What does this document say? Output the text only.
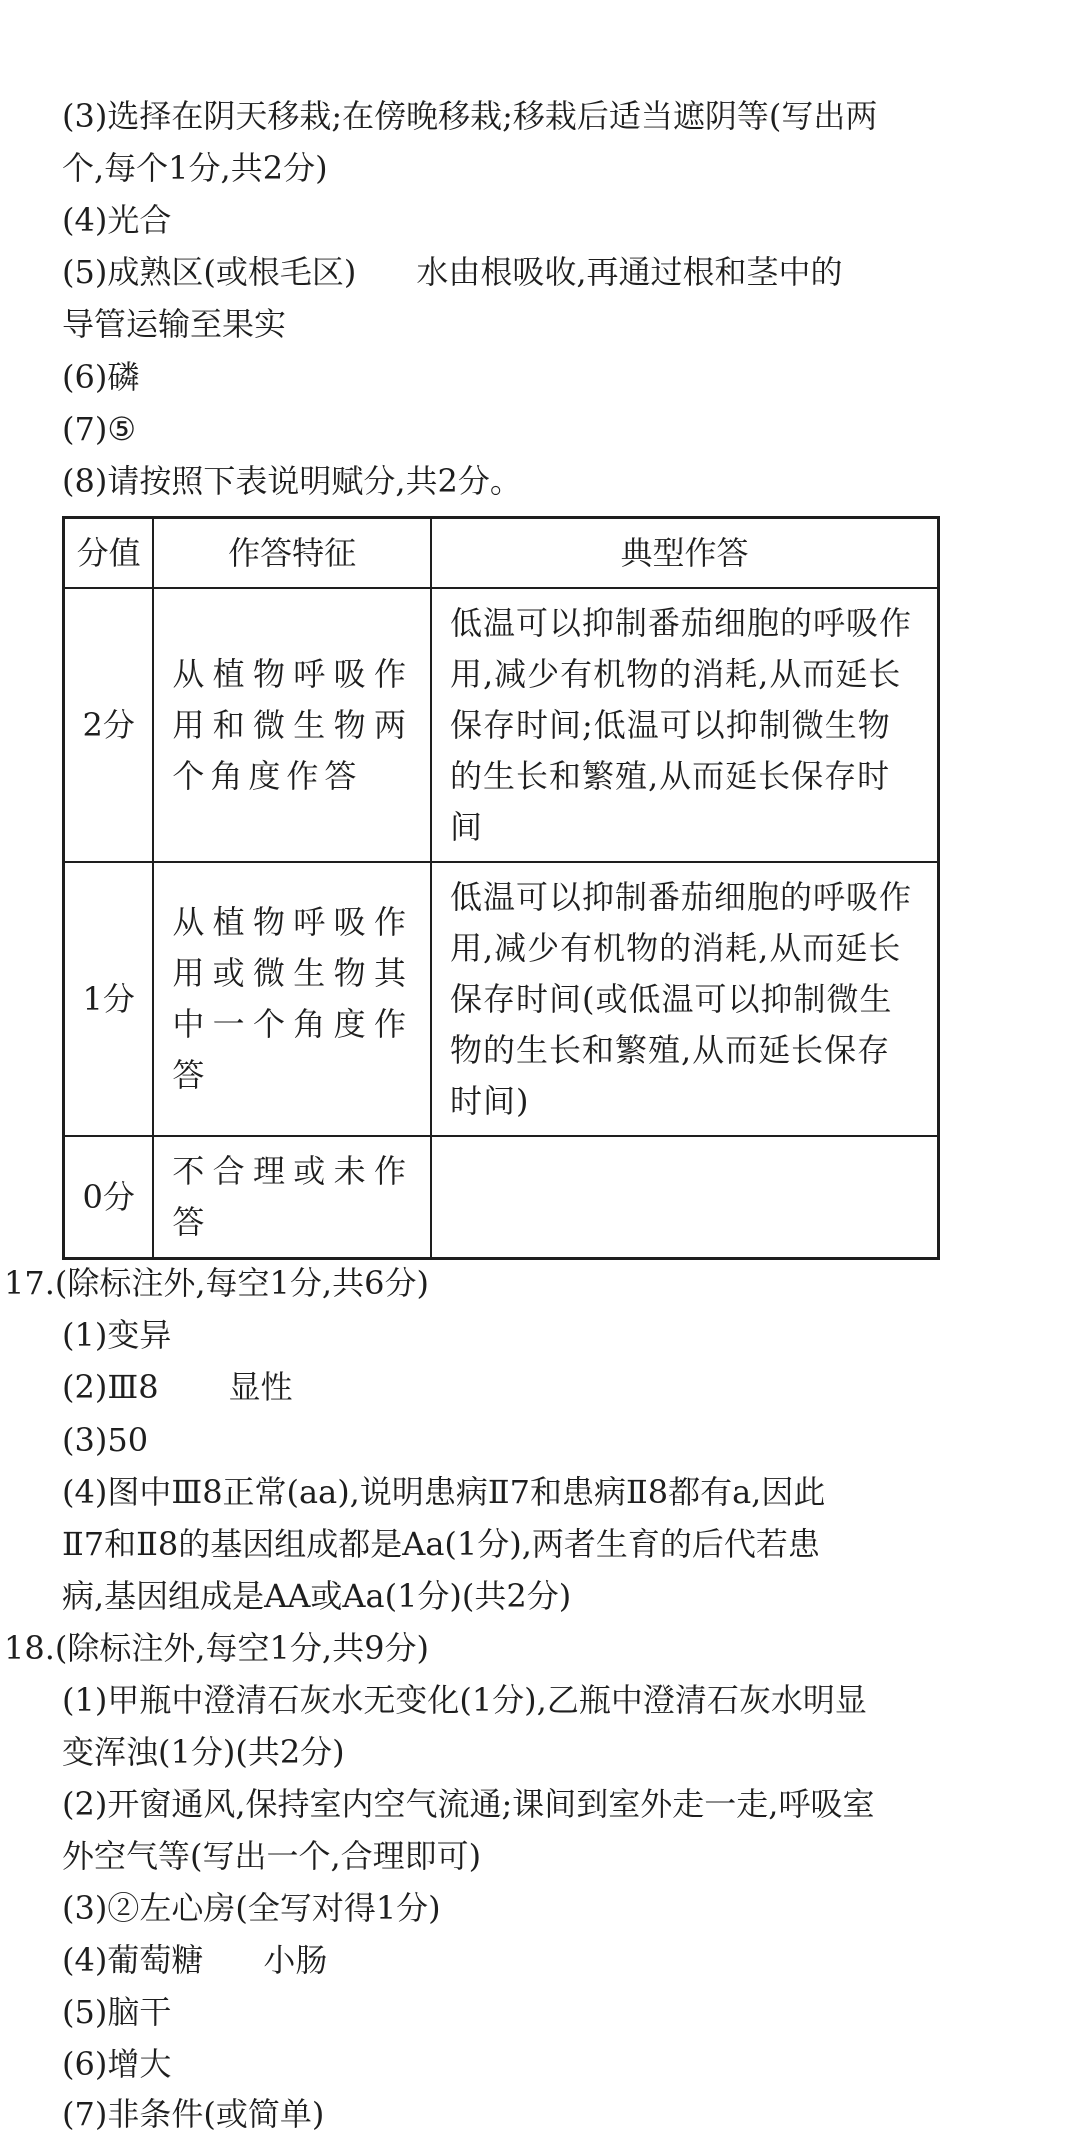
(3)选择在阴天移栽;在傍晚移栽;移栽后适当遮阴等(写出两
个,每个1分,共2分)
(4)光合
(5)成熟区(或根毛区) 水由根吸收,再通过根和茎中的
导管运输至果实
(6)磷
(7)⑤
(8)请按照下表说明赋分,共2分。
分值	作答特征	典型作答
2分	从植物呼吸作用和微生物两个角度作答	低温可以抑制番茄细胞的呼吸作用,减少有机物的消耗,从而延长保存时间;低温可以抑制微生物的生长和繁殖,从而延长保存时间
1分	从植物呼吸作用或微生物其中一个角度作答	低温可以抑制番茄细胞的呼吸作用,减少有机物的消耗,从而延长保存时间(或低温可以抑制微生物的生长和繁殖,从而延长保存时间)
0分	不合理或未作答	
17.(除标注外,每空1分,共6分)
(1)变异
(2)Ⅲ8 显性
(3)50
(4)图中Ⅲ8正常(aa),说明患病Ⅱ7和患病Ⅱ8都有a,因此
Ⅱ7和Ⅱ8的基因组成都是Aa(1分),两者生育的后代若患
病,基因组成是AA或Aa(1分)(共2分)
18.(除标注外,每空1分,共9分)
(1)甲瓶中澄清石灰水无变化(1分),乙瓶中澄清石灰水明显
变浑浊(1分)(共2分)
(2)开窗通风,保持室内空气流通;课间到室外走一走,呼吸室
外空气等(写出一个,合理即可)
(3)②左心房(全写对得1分)
(4)葡萄糖 小肠
(5)脑干
(6)增大
(7)非条件(或简单)
